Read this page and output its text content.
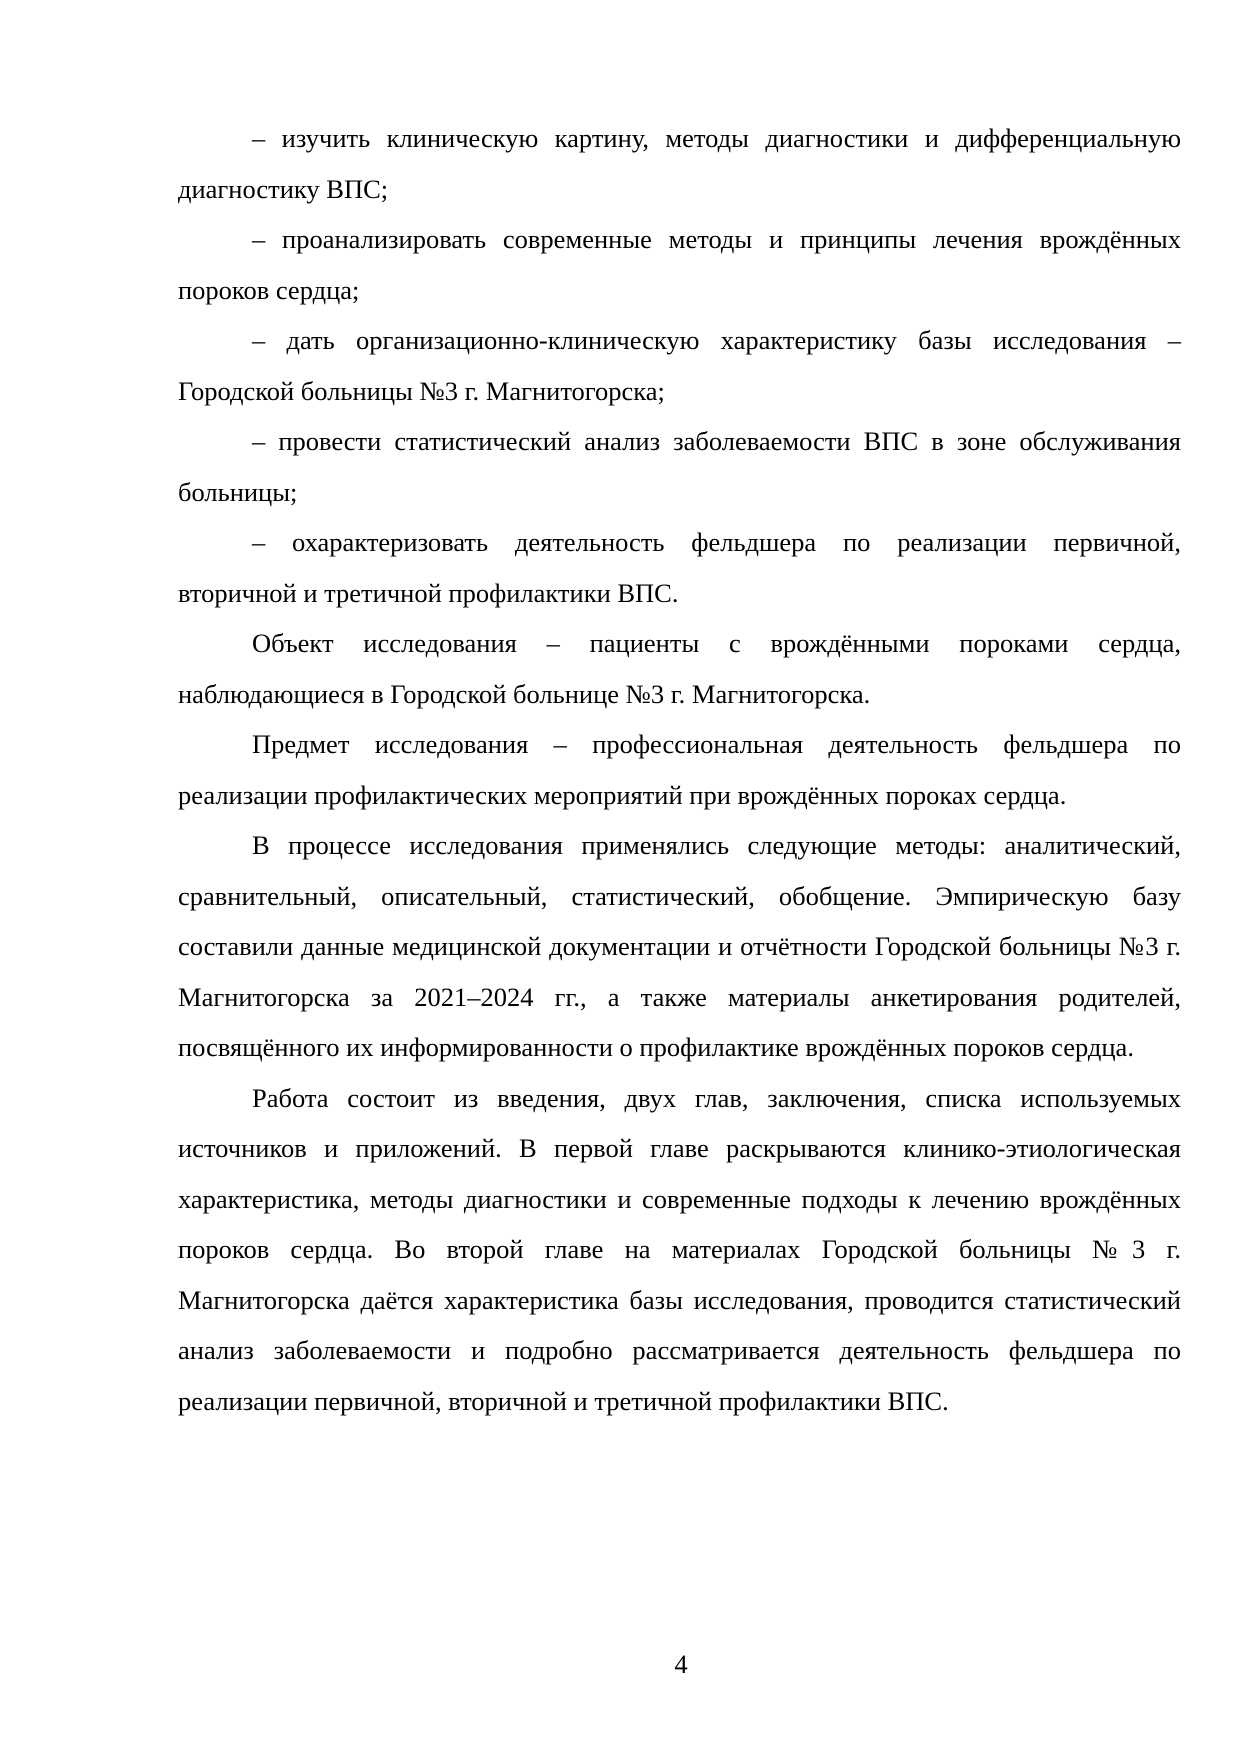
– изучить клиническую картину, методы диагностики и дифференциальную диагностику ВПС;

– проанализировать современные методы и принципы лечения врождённых пороков сердца;

– дать организационно-клиническую характеристику базы исследования – Городской больницы №3 г. Магнитогорска;

– провести статистический анализ заболеваемости ВПС в зоне обслуживания больницы;

– охарактеризовать деятельность фельдшера по реализации первичной, вторичной и третичной профилактики ВПС.

Объект исследования – пациенты с врождёнными пороками сердца, наблюдающиеся в Городской больнице №3 г. Магнитогорска.

Предмет исследования – профессиональная деятельность фельдшера по реализации профилактических мероприятий при врождённых пороках сердца.

В процессе исследования применялись следующие методы: аналитический, сравнительный, описательный, статистический, обобщение. Эмпирическую базу составили данные медицинской документации и отчётности Городской больницы №3 г. Магнитогорска за 2021–2024 гг., а также материалы анкетирования родителей, посвящённого их информированности о профилактике врождённых пороков сердца.

Работа состоит из введения, двух глав, заключения, списка используемых источников и приложений. В первой главе раскрываются клинико-этиологическая характеристика, методы диагностики и современные подходы к лечению врождённых пороков сердца. Во второй главе на материалах Городской больницы №3 г. Магнитогорска даётся характеристика базы исследования, проводится статистический анализ заболеваемости и подробно рассматривается деятельность фельдшера по реализации первичной, вторичной и третичной профилактики ВПС.

4
